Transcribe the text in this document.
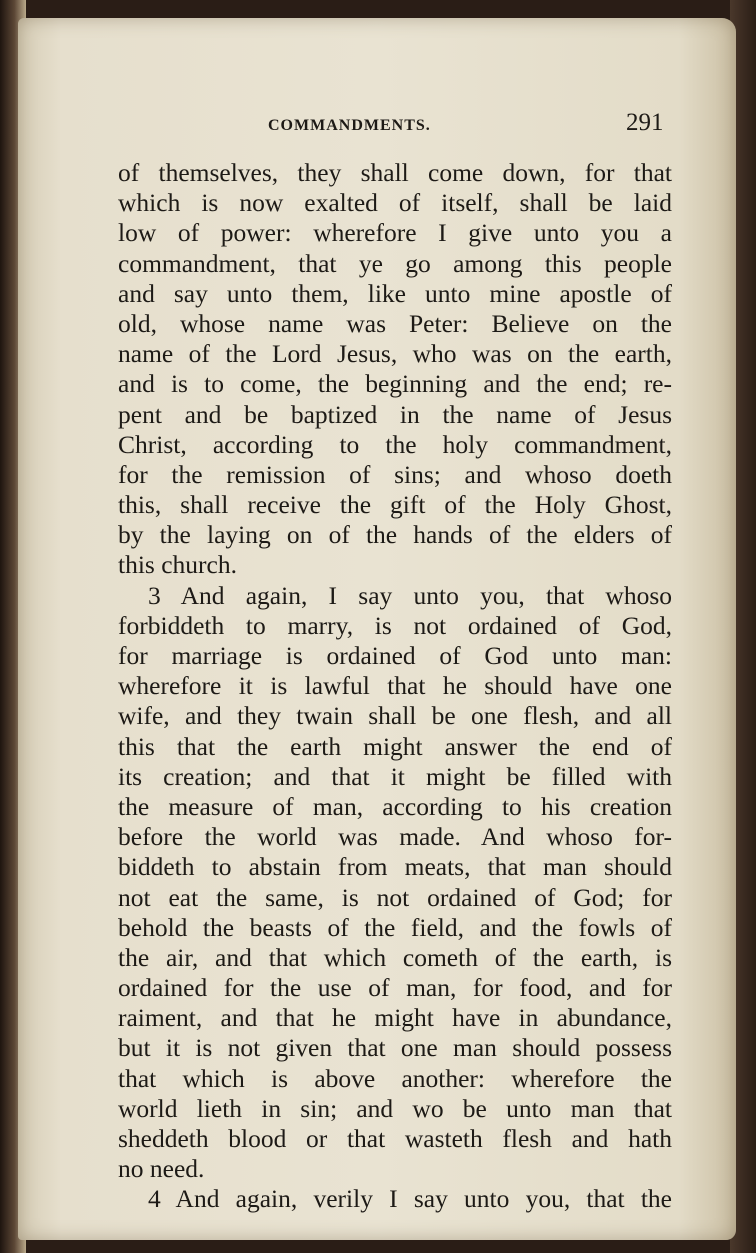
COMMANDMENTS.	291
of themselves, they shall come down, for that
which is now exalted of itself, shall be laid
low of power: wherefore I give unto you a
commandment, that ye go among this people
and say unto them, like unto mine apostle of
old, whose name was Peter: Believe on the
name of the Lord Jesus, who was on the earth,
and is to come, the beginning and the end; re-
pent and be baptized in the name of Jesus
Christ, according to the holy commandment,
for the remission of sins; and whoso doeth
this, shall receive the gift of the Holy Ghost,
by the laying on of the hands of the elders of
this church.
3 And again, I say unto you, that whoso
forbiddeth to marry, is not ordained of God,
for marriage is ordained of God unto man:
wherefore it is lawful that he should have one
wife, and they twain shall be one flesh, and all
this that the earth might answer the end of
its creation; and that it might be filled with
the measure of man, according to his creation
before the world was made. And whoso for-
biddeth to abstain from meats, that man should
not eat the same, is not ordained of God; for
behold the beasts of the field, and the fowls of
the air, and that which cometh of the earth, is
ordained for the use of man, for food, and for
raiment, and that he might have in abundance,
but it is not given that one man should possess
that which is above another: wherefore the
world lieth in sin; and wo be unto man that
sheddeth blood or that wasteth flesh and hath
no need.
4 And again, verily I say unto you, that the
